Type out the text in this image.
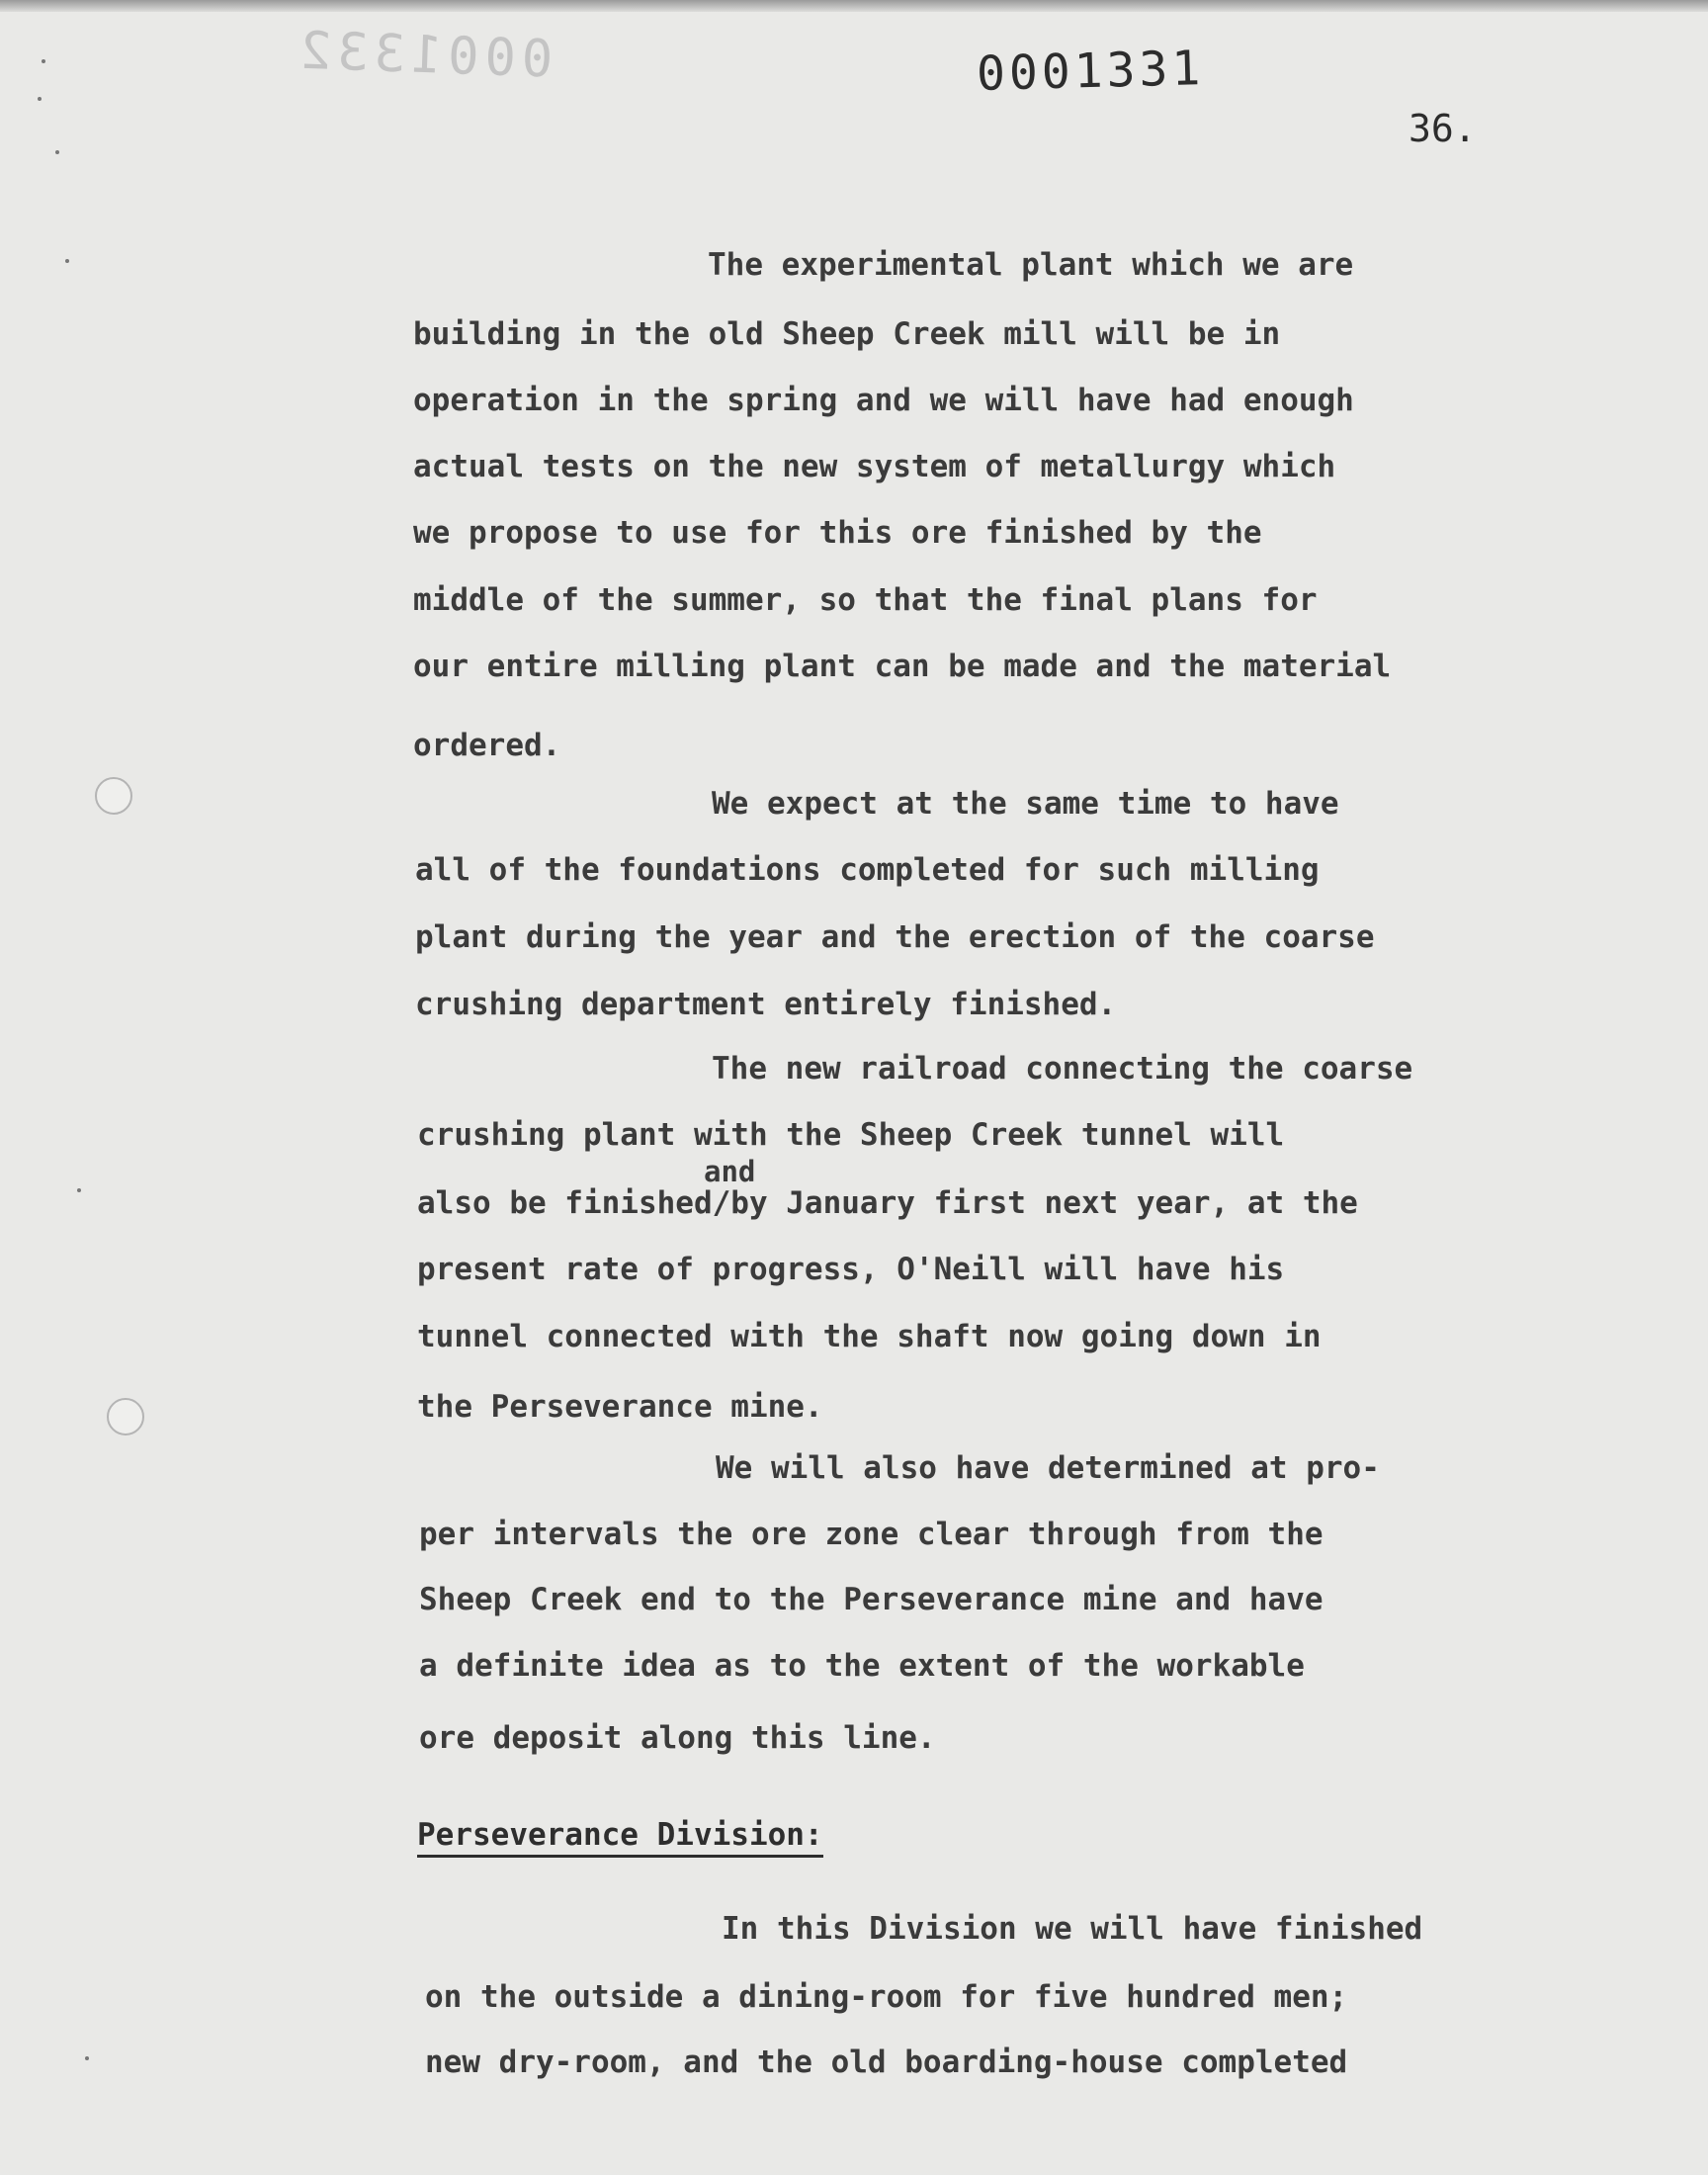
0001332	0001331
36.
The experimental plant which we are
building in the old Sheep Creek mill will be in
operation in the spring and we will have had enough
actual tests on the new system of metallurgy which
we propose to use for this ore finished by the
middle of the summer, so that the final plans for
our entire milling plant can be made and the material
ordered.
We expect at the same time to have
all of the foundations completed for such milling
plant during the year and the erection of the coarse
crushing department entirely finished.
The new railroad connecting the coarse
crushing plant with the Sheep Creek tunnel will
also be finished/by January first next year, at the
present rate of progress, O'Neill will have his
tunnel connected with the shaft now going down in
the Perseverance mine.
We will also have determined at pro-
per intervals the ore zone clear through from the
Sheep Creek end to the Perseverance mine and have
a definite idea as to the extent of the workable
ore deposit along this line.
In this Division we will have finished
on the outside a dining-room for five hundred men;
new dry-room, and the old boarding-house completed
and
Perseverance Division:
